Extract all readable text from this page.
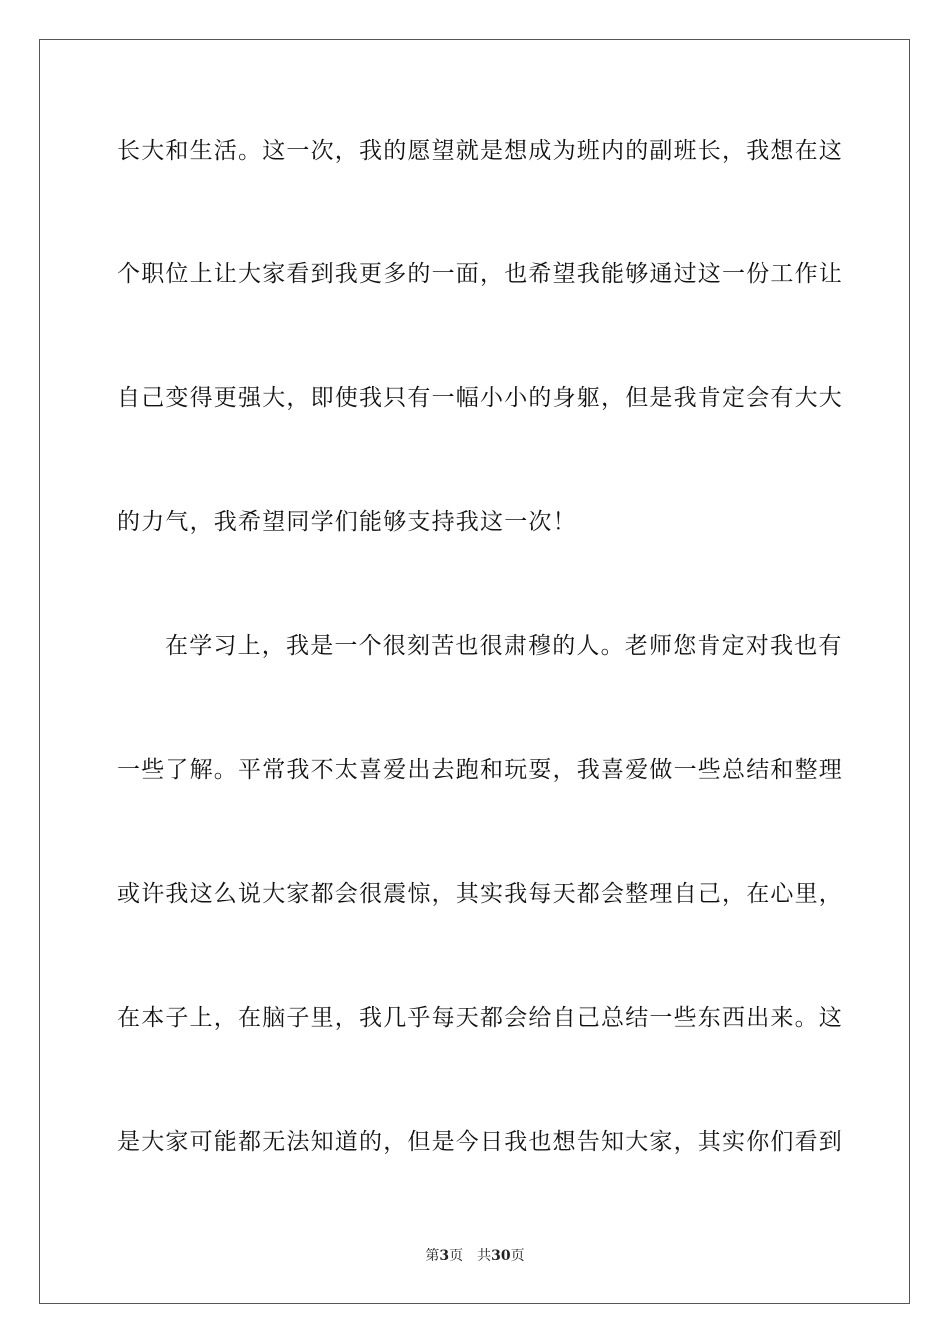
长大和生活。这一次，我的愿望就是想成为班内的副班长，我想在这
个职位上让大家看到我更多的一面，也希望我能够通过这一份工作让
自己变得更强大，即使我只有一幅小小的身躯，但是我肯定会有大大
的力气，我希望同学们能够支持我这一次！
在学习上，我是一个很刻苦也很肃穆的人。老师您肯定对我也有
一些了解。平常我不太喜爱出去跑和玩耍，我喜爱做一些总结和整理
或许我这么说大家都会很震惊，其实我每天都会整理自己，在心里，
在本子上，在脑子里，我几乎每天都会给自己总结一些东西出来。这
是大家可能都无法知道的，但是今日我也想告知大家，其实你们看到
第3页 共30页
